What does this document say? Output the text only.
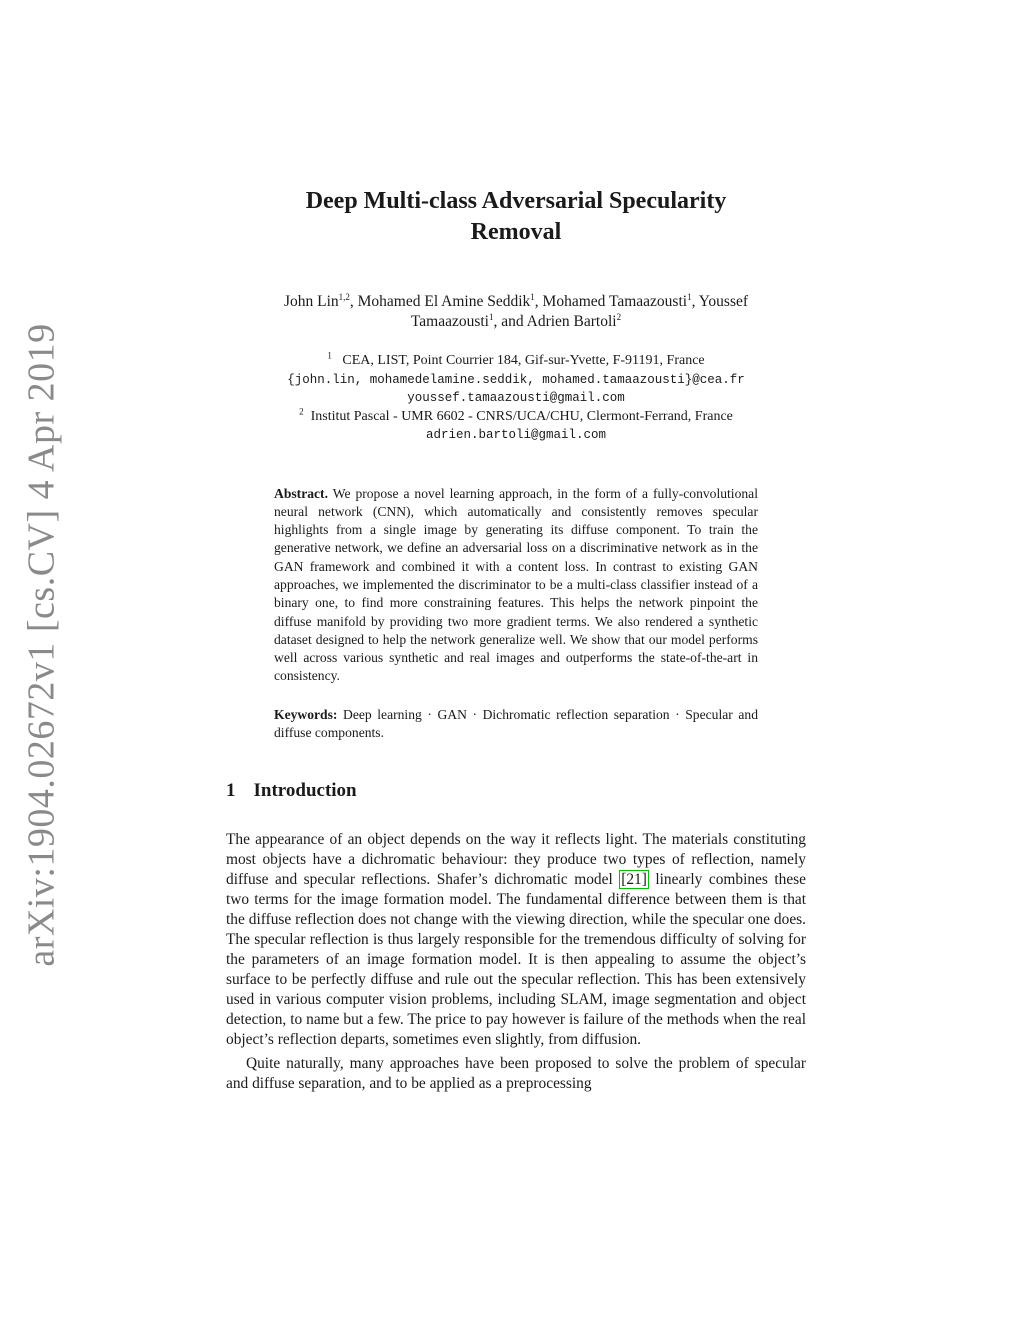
arXiv:1904.02672v1 [cs.CV] 4 Apr 2019
Deep Multi-class Adversarial Specularity
Removal
John Lin$^{1,2}$, Mohamed El Amine Seddik$^1$, Mohamed Tamaazousti$^1$, Youssef
Tamaazousti$^1$, and Adrien Bartoli$^2$
$^1$ CEA, LIST, Point Courrier 184, Gif-sur-Yvette, F-91191, France
{john.lin, mohamedelamine.seddik, mohamed.tamaazousti}@cea.fr
youssef.tamaazousti@gmail.com
$^2$ Institut Pascal - UMR 6602 - CNRS/UCA/CHU, Clermont-Ferrand, France
adrien.bartoli@gmail.com
Abstract. We propose a novel learning approach, in the form of a fully-convolutional neural network (CNN), which automatically and consistently removes specular highlights from a single image by generating its diffuse component. To train the generative network, we define an adversarial loss on a discriminative network as in the GAN framework and combined it with a content loss. In contrast to existing GAN approaches, we implemented the discriminator to be a multi-class classifier instead of a binary one, to find more constraining features. This helps the network pinpoint the diffuse manifold by providing two more gradient terms. We also rendered a synthetic dataset designed to help the network generalize well. We show that our model performs well across various synthetic and real images and outperforms the state-of-the-art in consistency.
Keywords: Deep learning · GAN · Dichromatic reflection separation · Specular and diffuse components.
1 Introduction

The appearance of an object depends on the way it reflects light. The materials constituting most objects have a dichromatic behaviour: they produce two types of reflection, namely diffuse and specular reflections. Shafer’s dichromatic model [21] linearly combines these two terms for the image formation model. The fundamental difference between them is that the diffuse reflection does not change with the viewing direction, while the specular one does. The specular reflection is thus largely responsible for the tremendous difficulty of solving for the parameters of an image formation model. It is then appealing to assume the object’s surface to be perfectly diffuse and rule out the specular reflection. This has been extensively used in various computer vision problems, including SLAM, image segmentation and object detection, to name but a few. The price to pay however is failure of the methods when the real object’s reflection departs, sometimes even slightly, from diffusion.

Quite naturally, many approaches have been proposed to solve the problem of specular and diffuse separation, and to be applied as a preprocessing
